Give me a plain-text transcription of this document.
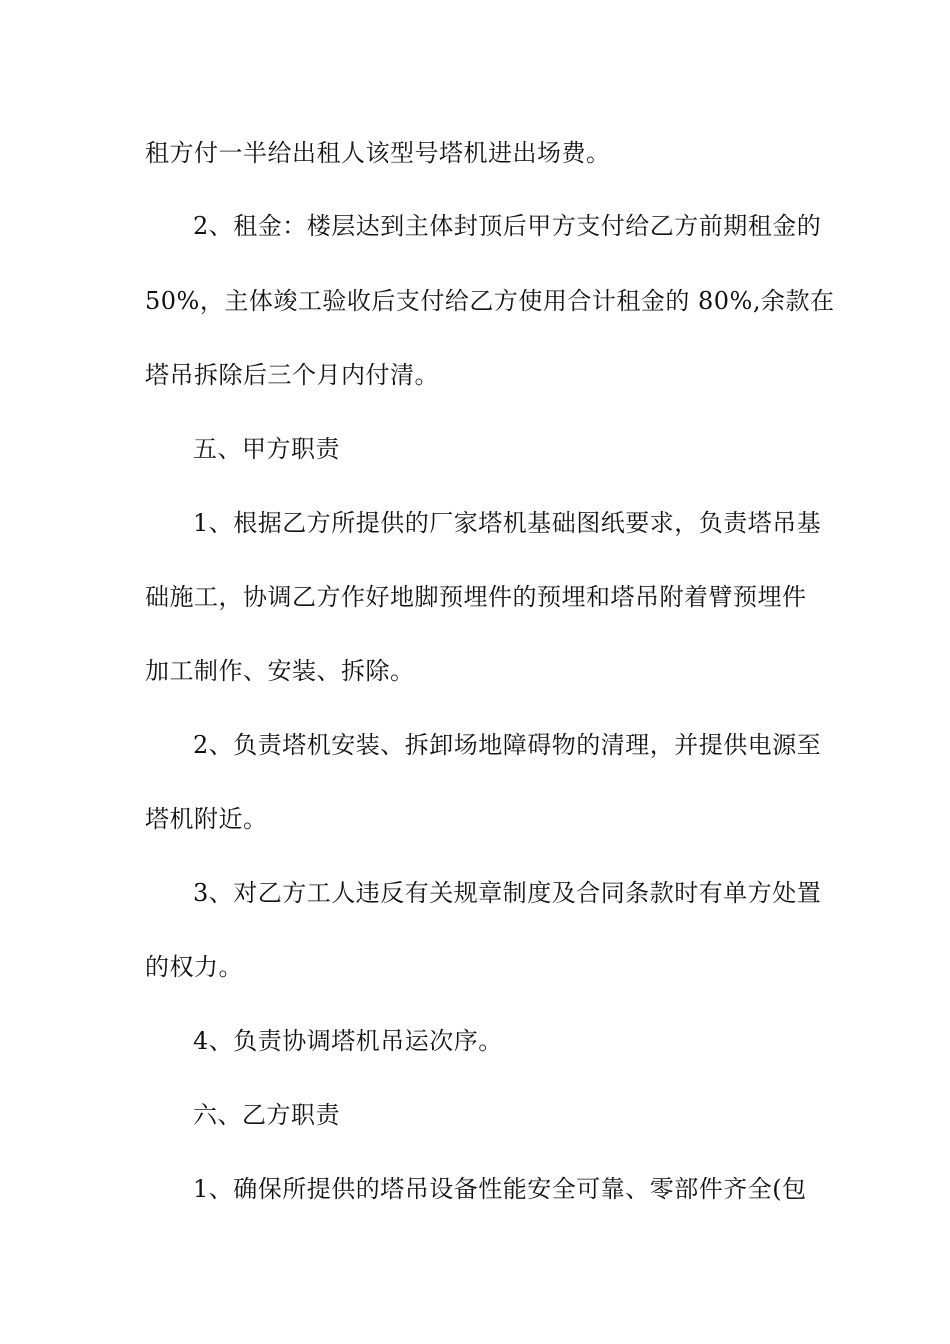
租方付一半给出租人该型号塔机进出场费。
2、租金：楼层达到主体封顶后甲方支付给乙方前期租金的
50%，主体竣工验收后支付给乙方使用合计租金的 80%,余款在
塔吊拆除后三个月内付清。
五、甲方职责
1、根据乙方所提供的厂家塔机基础图纸要求，负责塔吊基
础施工，协调乙方作好地脚预埋件的预埋和塔吊附着臂预埋件
加工制作、安装、拆除。
2、负责塔机安装、拆卸场地障碍物的清理，并提供电源至
塔机附近。
3、对乙方工人违反有关规章制度及合同条款时有单方处置
的权力。
4、负责协调塔机吊运次序。
六、乙方职责
1、确保所提供的塔吊设备性能安全可靠、零部件齐全(包
